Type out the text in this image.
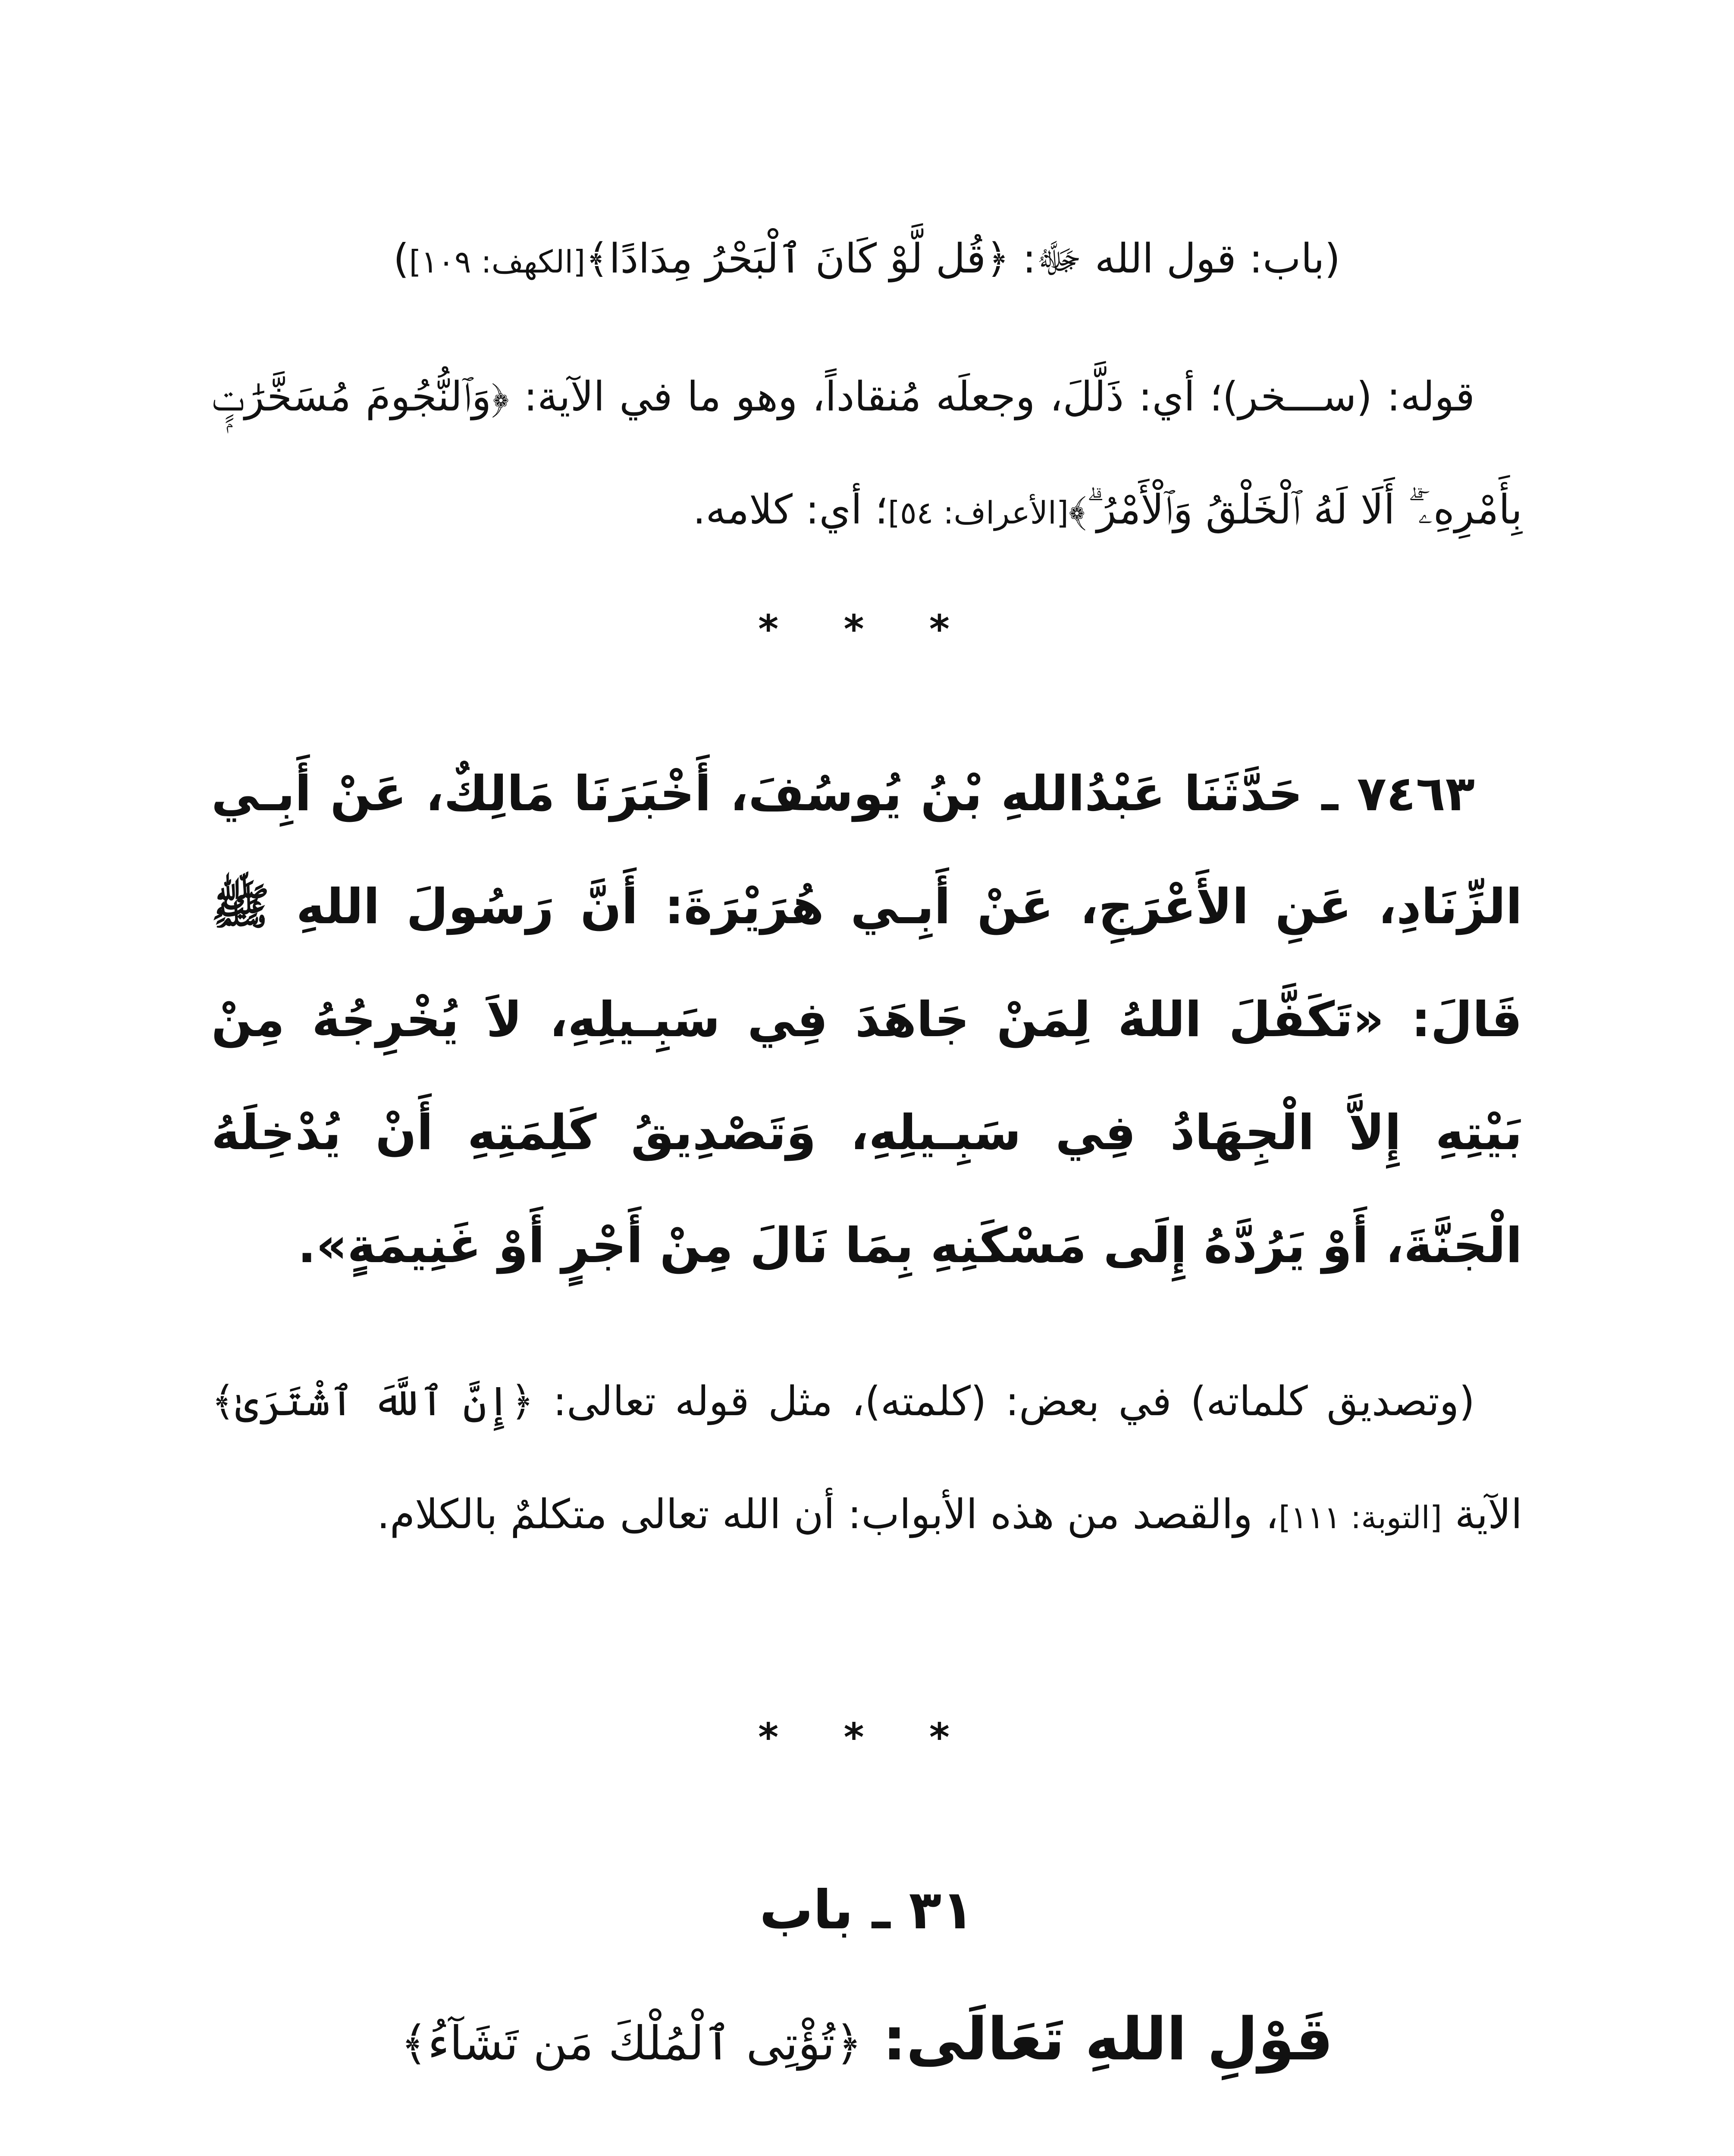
(باب: قول الله ﷻ: ﴿قُل لَّوْ كَانَ ٱلْبَحْرُ مِدَادًا﴾[الكهف: ١٠٩])
قوله: (ســـخر)؛ أي: ذَلَّلَ، وجعلَه مُنقاداً، وهو ما في الآية: ﴿وَٱلنُّجُومَ مُسَخَّرَٰتٍۭ بِأَمْرِهِۦٓ ۗ أَلَا لَهُ ٱلْخَلْقُ وَٱلْأَمْرُ ۗ﴾[الأعراف: ٥٤]؛ أي: كلامه.
* * *
٧٤٦٣ ـ حَدَّثَنَا عَبْدُاللهِ بْنُ يُوسُفَ، أَخْبَرَنَا مَالِكٌ، عَنْ أَبِـي الزِّنَادِ، عَنِ الأَعْرَجِ، عَنْ أَبِـي هُرَيْرَةَ: أَنَّ رَسُولَ اللهِ ﷺ قَالَ: «تَكَفَّلَ اللهُ لِمَنْ جَاهَدَ فِي سَبِـيلِهِ، لاَ يُخْرِجُهُ مِنْ بَيْتِهِ إِلاَّ الْجِهَادُ فِي سَبِـيلِهِ، وَتَصْدِيقُ كَلِمَتِهِ أَنْ يُدْخِلَهُ الْجَنَّةَ، أَوْ يَرُدَّهُ إِلَى مَسْكَنِهِ بِمَا نَالَ مِنْ أَجْرٍ أَوْ غَنِيمَةٍ».
(وتصديق كلماته) في بعض: (كلمته)، مثل قوله تعالى: ﴿إِنَّ ٱللَّهَ ٱشْتَرَىٰ﴾ الآية [التوبة: ١١١]، والقصد من هذه الأبواب: أن الله تعالى متكلمٌ بالكلام.
* * *
٣١ ـ باب
قَوْلِ اللهِ تَعَالَى: ﴿تُؤْتِى ٱلْمُلْكَ مَن تَشَآءُ﴾
